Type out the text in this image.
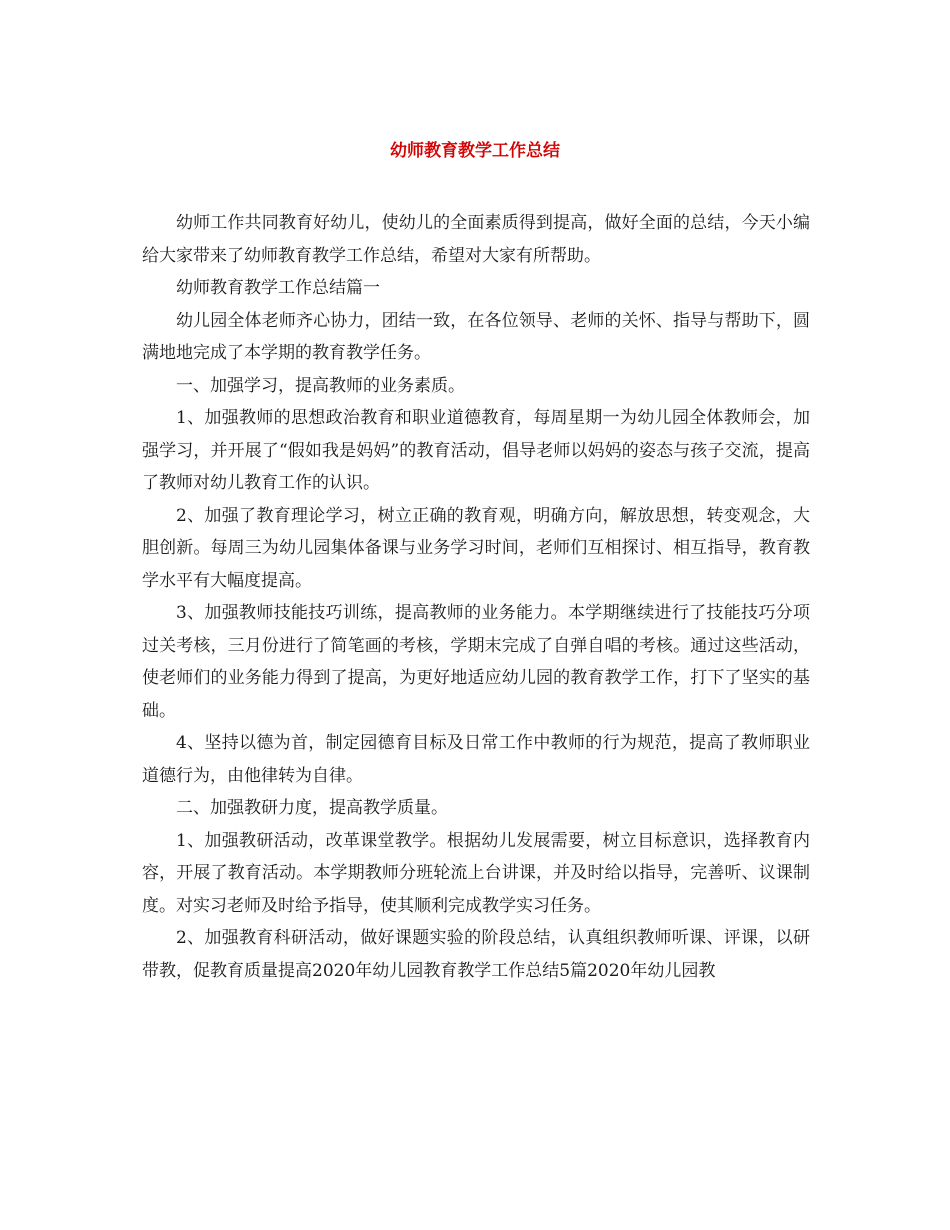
幼师教育教学工作总结

幼师工作共同教育好幼儿，使幼儿的全面素质得到提高，做好全面的总结，今天小编给大家带来了幼师教育教学工作总结，希望对大家有所帮助。

幼师教育教学工作总结篇一

幼儿园全体老师齐心协力，团结一致，在各位领导、老师的关怀、指导与帮助下，圆满地地完成了本学期的教育教学任务。

一、加强学习，提高教师的业务素质。

1、加强教师的思想政治教育和职业道德教育，每周星期一为幼儿园全体教师会，加强学习，并开展了“假如我是妈妈”的教育活动，倡导老师以妈妈的姿态与孩子交流，提高了教师对幼儿教育工作的认识。

2、加强了教育理论学习，树立正确的教育观，明确方向，解放思想，转变观念，大胆创新。每周三为幼儿园集体备课与业务学习时间，老师们互相探讨、相互指导，教育教学水平有大幅度提高。

3、加强教师技能技巧训练，提高教师的业务能力。本学期继续进行了技能技巧分项过关考核，三月份进行了简笔画的考核，学期末完成了自弹自唱的考核。通过这些活动，使老师们的业务能力得到了提高，为更好地适应幼儿园的教育教学工作，打下了坚实的基础。

4、坚持以德为首，制定园德育目标及日常工作中教师的行为规范，提高了教师职业道德行为，由他律转为自律。

二、加强教研力度，提高教学质量。

1、加强教研活动，改革课堂教学。根据幼儿发展需要，树立目标意识，选择教育内容，开展了教育活动。本学期教师分班轮流上台讲课，并及时给以指导，完善听、议课制度。对实习老师及时给予指导，使其顺利完成教学实习任务。

2、加强教育科研活动，做好课题实验的阶段总结，认真组织教师听课、评课，以研带教，促教育质量提高2020年幼儿园教育教学工作总结5篇2020年幼儿园教
